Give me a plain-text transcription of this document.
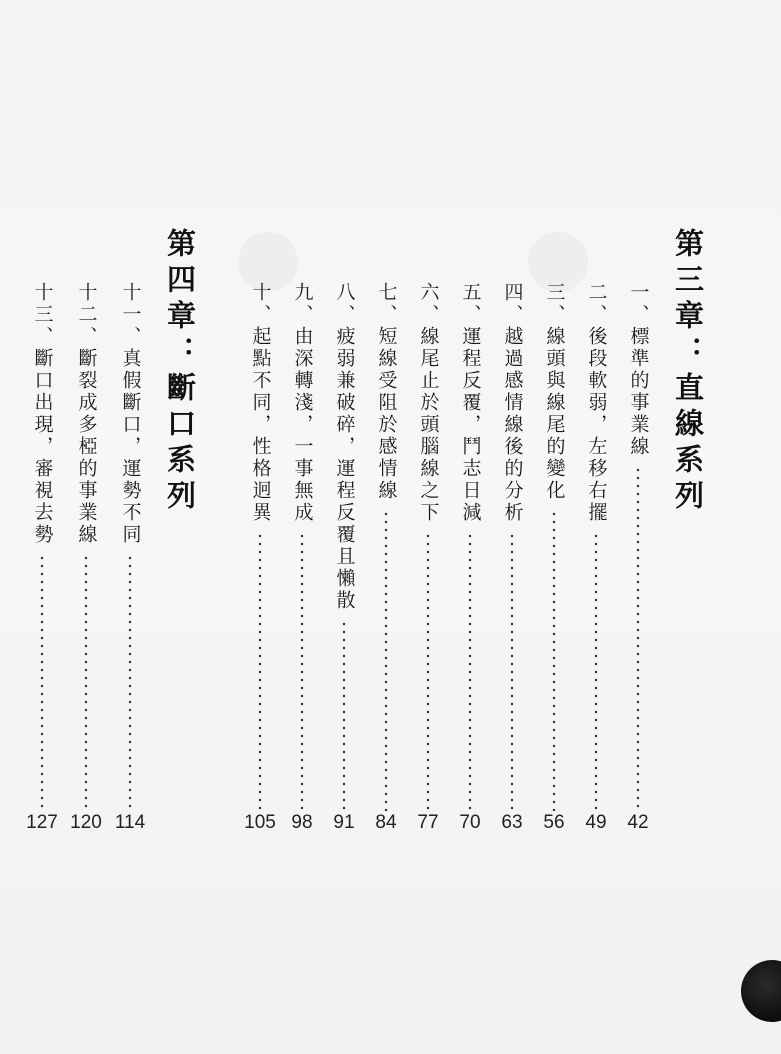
第三章：直線系列
一、標準的事業線
二、後段軟弱，左移右擺
三、線頭與線尾的變化
四、越過感情線後的分析
五、運程反覆，鬥志日減
六、線尾止於頭腦線之下
七、短線受阻於感情線
八、疲弱兼破碎，運程反覆且懶散
九、由深轉淺，一事無成
十、起點不同，性格迥異
第四章：斷口系列
十一、真假斷口，運勢不同
十二、斷裂成多椏的事業線
十三、斷口出現，審視去勢
42
49
56
63
70
77
84
91
98
105
114
120
127
